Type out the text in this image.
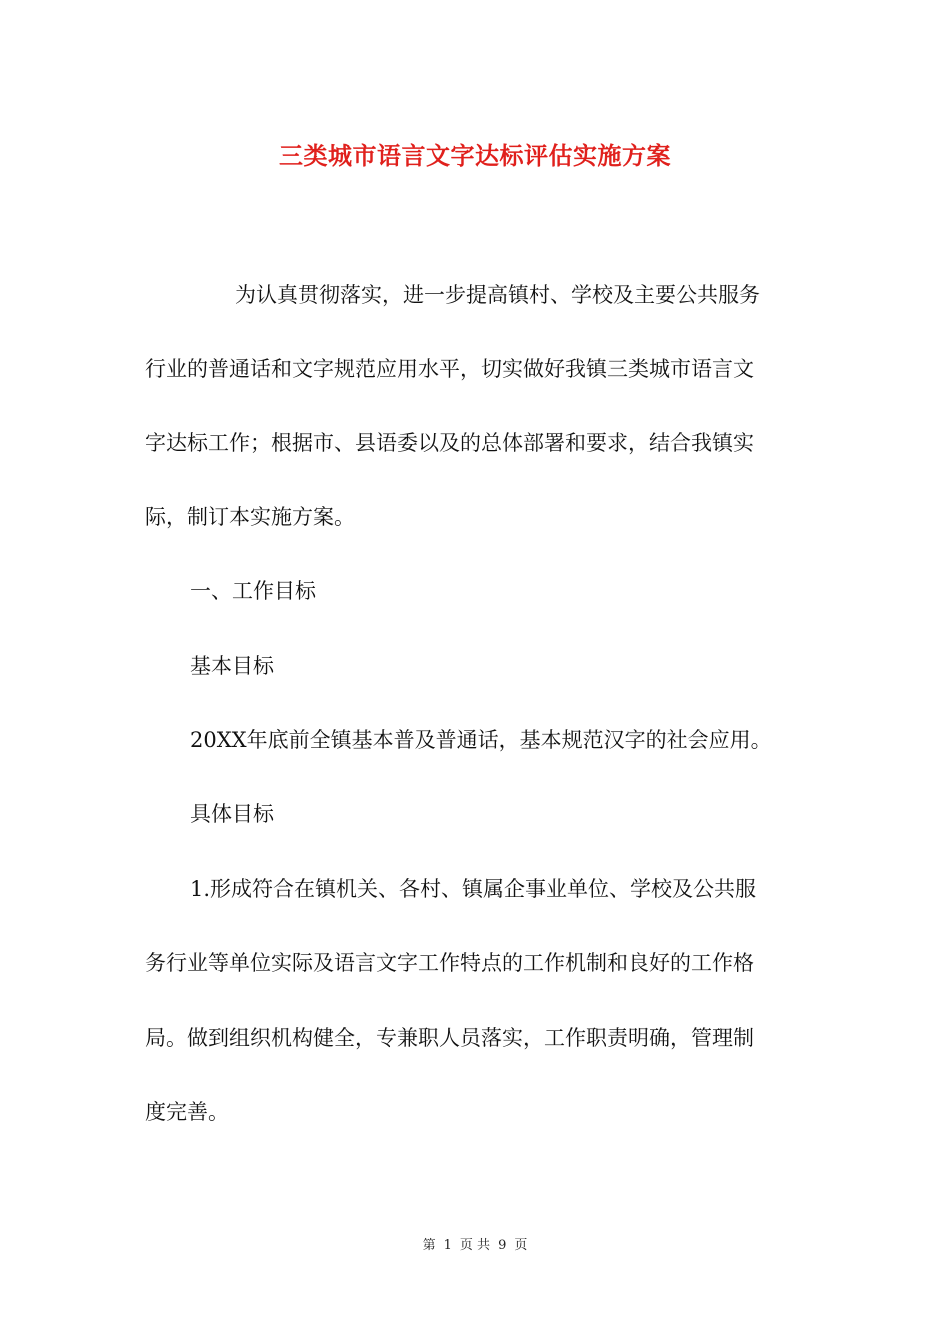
三类城市语言文字达标评估实施方案
为认真贯彻落实，进一步提高镇村、学校及主要公共服务
行业的普通话和文字规范应用水平，切实做好我镇三类城市语言文
字达标工作；根据市、县语委以及的总体部署和要求，结合我镇实
际，制订本实施方案。
一、工作目标
基本目标
20XX年底前全镇基本普及普通话，基本规范汉字的社会应用。
具体目标
1.形成符合在镇机关、各村、镇属企事业单位、学校及公共服
务行业等单位实际及语言文字工作特点的工作机制和良好的工作格
局。做到组织机构健全，专兼职人员落实，工作职责明确，管理制
度完善。
第 1 页 共 9 页
